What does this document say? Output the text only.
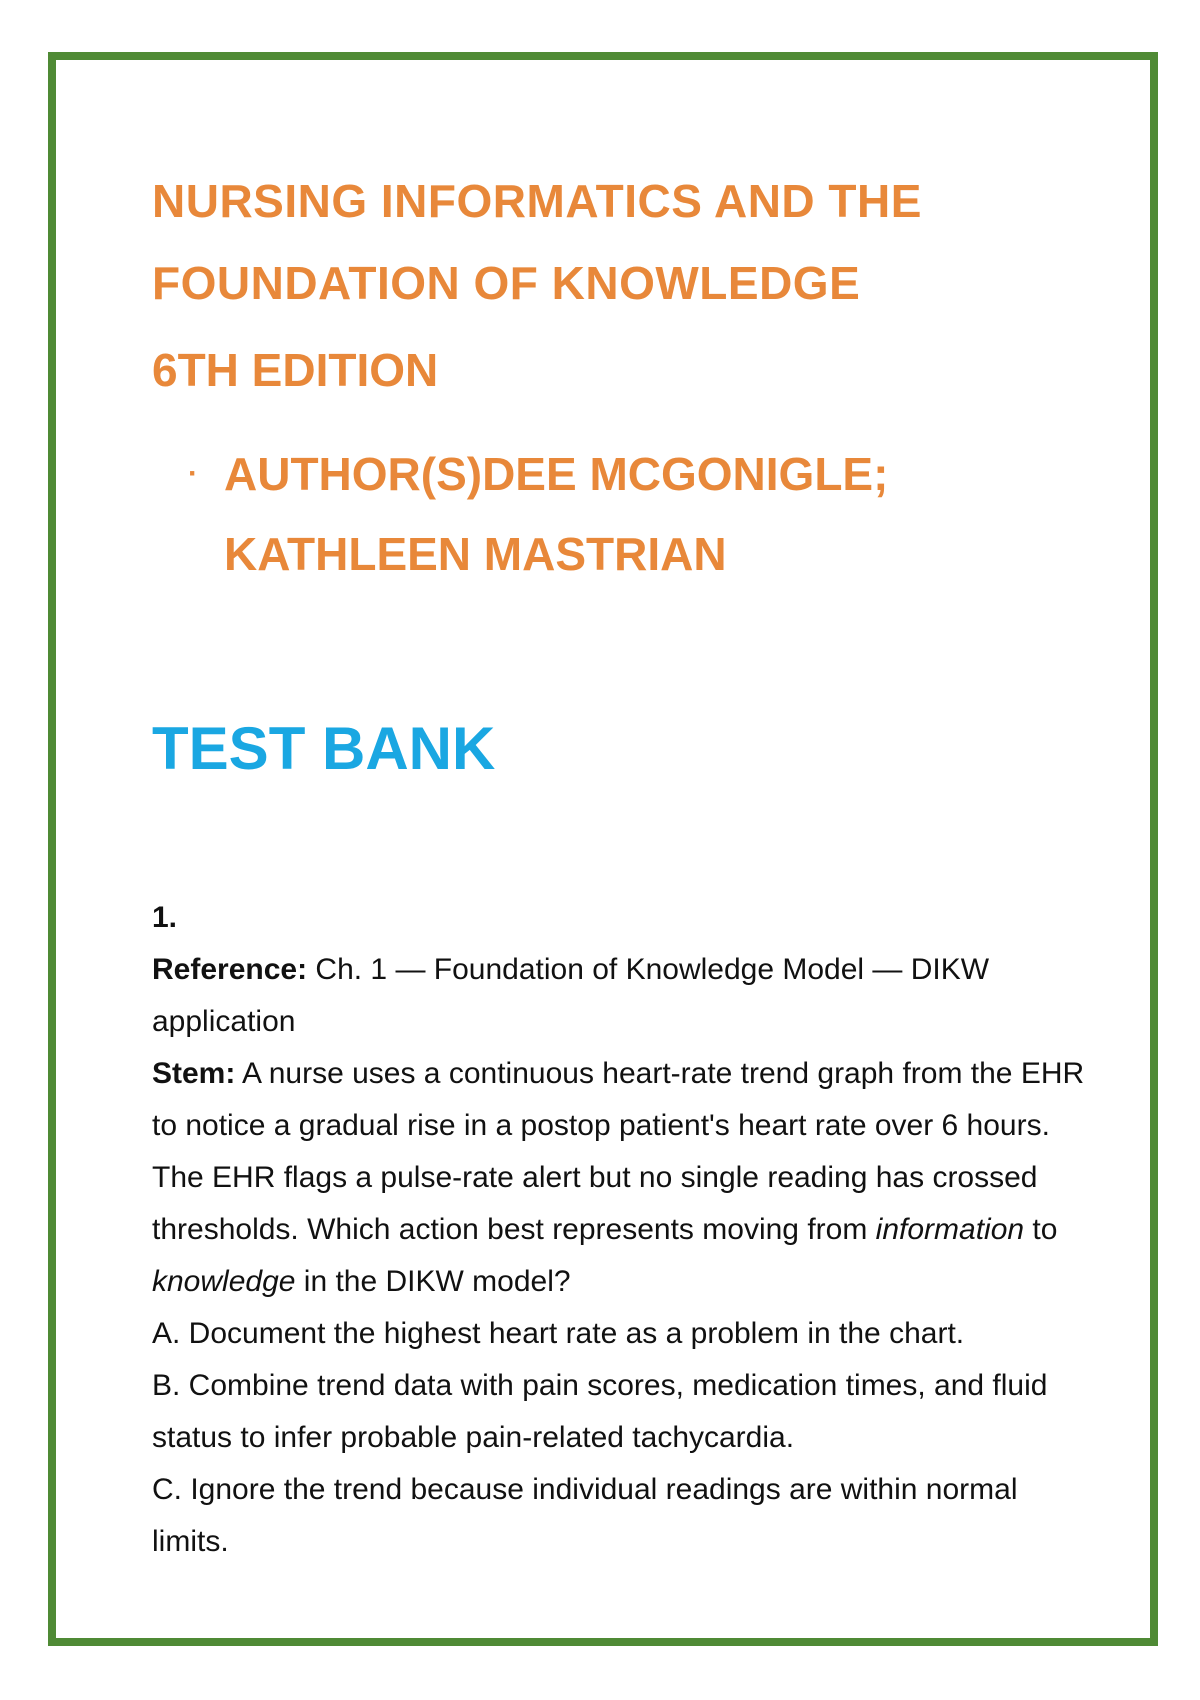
NURSING INFORMATICS AND THE
FOUNDATION OF KNOWLEDGE
6TH EDITION
· AUTHOR(S)DEE MCGONIGLE;
KATHLEEN MASTRIAN
TEST BANK
1.
Reference: Ch. 1 — Foundation of Knowledge Model — DIKW application
Stem: A nurse uses a continuous heart-rate trend graph from the EHR to notice a gradual rise in a postop patient's heart rate over 6 hours. The EHR flags a pulse-rate alert but no single reading has crossed thresholds. Which action best represents moving from information to knowledge in the DIKW model?
A. Document the highest heart rate as a problem in the chart.
B. Combine trend data with pain scores, medication times, and fluid status to infer probable pain-related tachycardia.
C. Ignore the trend because individual readings are within normal limits.
